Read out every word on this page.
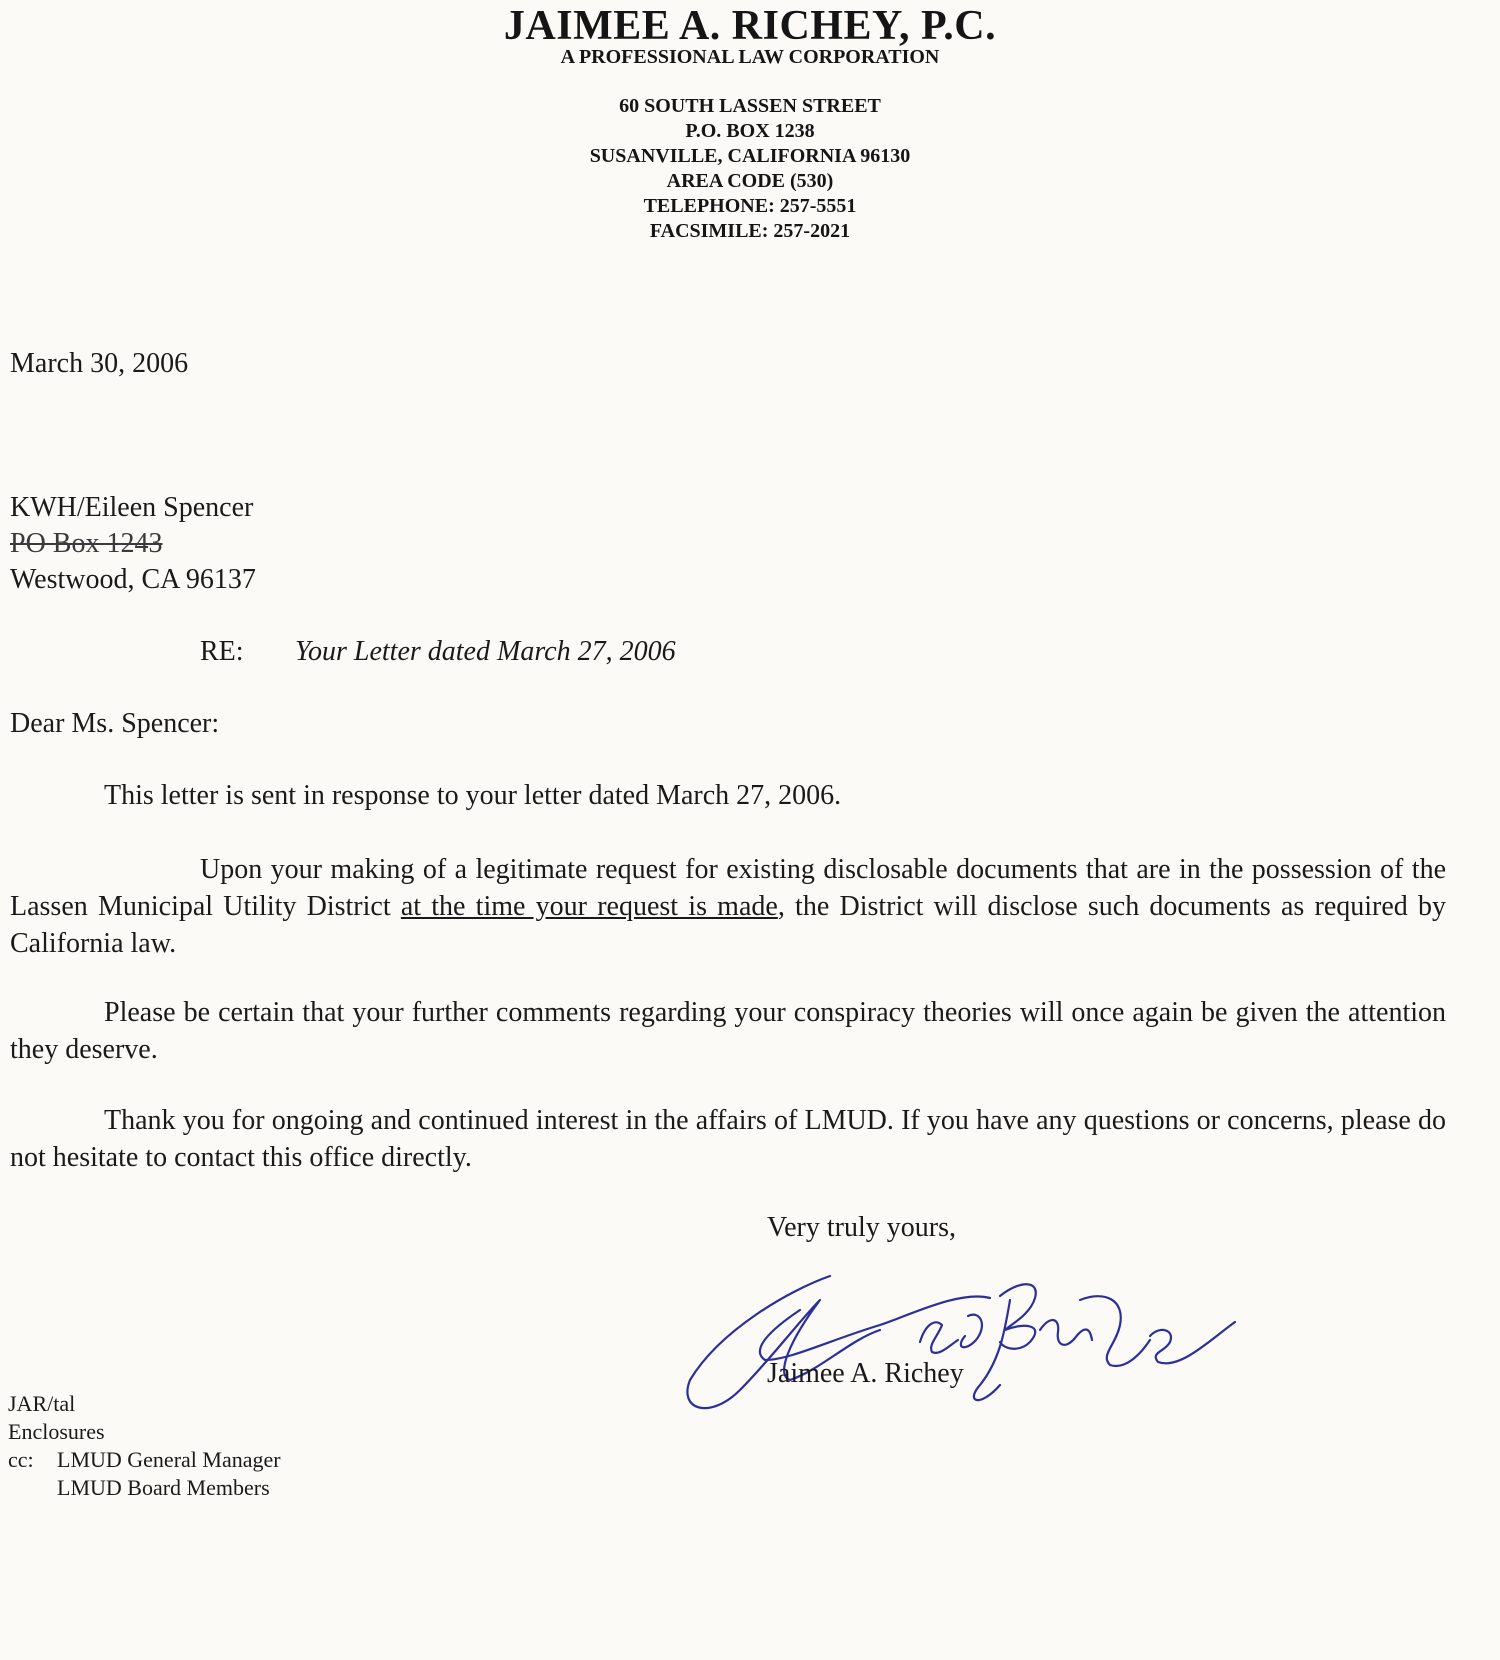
JAIMEE A. RICHEY, P.C.
A PROFESSIONAL LAW CORPORATION
60 SOUTH LASSEN STREET
P.O. BOX 1238
SUSANVILLE, CALIFORNIA 96130
AREA CODE (530)
TELEPHONE: 257-5551
FACSIMILE: 257-2021
March 30, 2006
KWH/Eileen Spencer
PO Box 1243
Westwood, CA 96137
RE: Your Letter dated March 27, 2006
Dear Ms. Spencer:
This letter is sent in response to your letter dated March 27, 2006.
Upon your making of a legitimate request for existing disclosable documents that are in the possession of the Lassen Municipal Utility District at the time your request is made, the District will disclose such documents as required by California law.
Please be certain that your further comments regarding your conspiracy theories will once again be given the attention they deserve.
Thank you for ongoing and continued interest in the affairs of LMUD. If you have any questions or concerns, please do not hesitate to contact this office directly.
Very truly yours,
Jaimee A. Richey
JAR/tal
Enclosures
cc: LMUD General Manager
LMUD Board Members
